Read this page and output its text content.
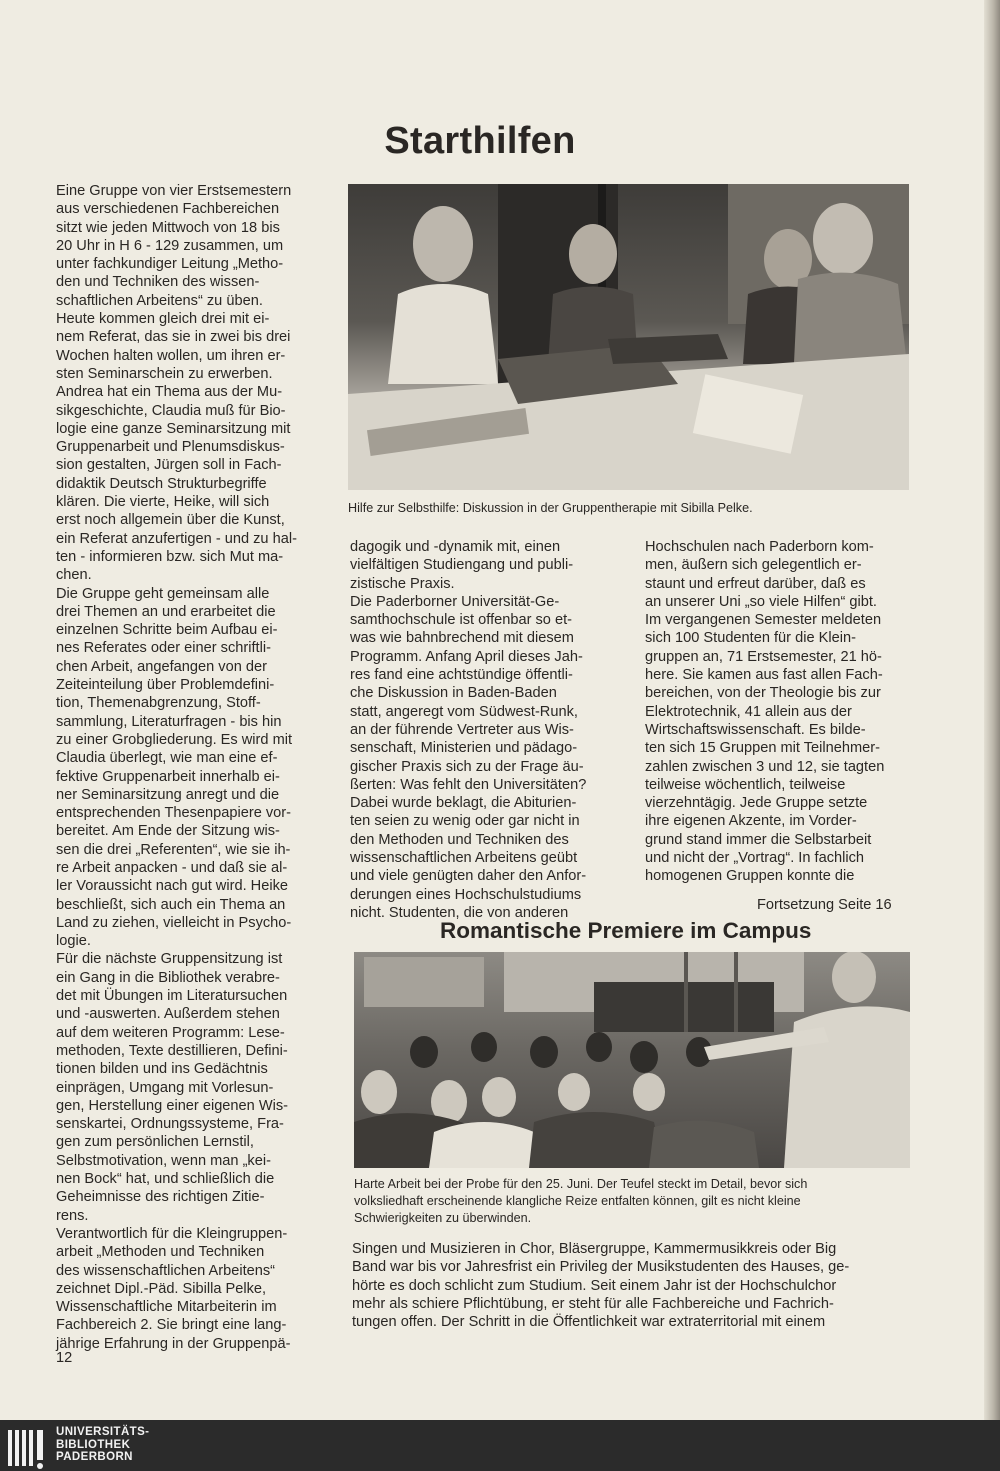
Starthilfen
Eine Gruppe von vier Erstsemestern
aus verschiedenen Fachbereichen
sitzt wie jeden Mittwoch von 18 bis
20 Uhr in H 6 - 129 zusammen, um
unter fachkundiger Leitung „Metho-
den und Techniken des wissen-
schaftlichen Arbeitens“ zu üben.
Heute kommen gleich drei mit ei-
nem Referat, das sie in zwei bis drei
Wochen halten wollen, um ihren er-
sten Seminarschein zu erwerben.
Andrea hat ein Thema aus der Mu-
sikgeschichte, Claudia muß für Bio-
logie eine ganze Seminarsitzung mit
Gruppenarbeit und Plenumsdiskus-
sion gestalten, Jürgen soll in Fach-
didaktik Deutsch Strukturbegriffe
klären. Die vierte, Heike, will sich
erst noch allgemein über die Kunst,
ein Referat anzufertigen - und zu hal-
ten - informieren bzw. sich Mut ma-
chen.
Die Gruppe geht gemeinsam alle
drei Themen an und erarbeitet die
einzelnen Schritte beim Aufbau ei-
nes Referates oder einer schriftli-
chen Arbeit, angefangen von der
Zeiteinteilung über Problemdefini-
tion, Themenabgrenzung, Stoff-
sammlung, Literaturfragen - bis hin
zu einer Grobgliederung. Es wird mit
Claudia überlegt, wie man eine ef-
fektive Gruppenarbeit innerhalb ei-
ner Seminarsitzung anregt und die
entsprechenden Thesenpapiere vor-
bereitet. Am Ende der Sitzung wis-
sen die drei „Referenten“, wie sie ih-
re Arbeit anpacken - und daß sie al-
ler Voraussicht nach gut wird. Heike
beschließt, sich auch ein Thema an
Land zu ziehen, vielleicht in Psycho-
logie.
Für die nächste Gruppensitzung ist
ein Gang in die Bibliothek verabre-
det mit Übungen im Literatursuchen
und -auswerten. Außerdem stehen
auf dem weiteren Programm: Lese-
methoden, Texte destillieren, Defini-
tionen bilden und ins Gedächtnis
einprägen, Umgang mit Vorlesun-
gen, Herstellung einer eigenen Wis-
senskartei, Ordnungssysteme, Fra-
gen zum persönlichen Lernstil,
Selbstmotivation, wenn man „kei-
nen Bock“ hat, und schließlich die
Geheimnisse des richtigen Zitie-
rens.
Verantwortlich für die Kleingruppen-
arbeit „Methoden und Techniken
des wissenschaftlichen Arbeitens“
zeichnet Dipl.-Päd. Sibilla Pelke,
Wissenschaftliche Mitarbeiterin im
Fachbereich 2. Sie bringt eine lang-
jährige Erfahrung in der Gruppenpä-
Hilfe zur Selbsthilfe: Diskussion in der Gruppentherapie mit Sibilla Pelke.
dagogik und -dynamik mit, einen
vielfältigen Studiengang und publi-
zistische Praxis.
Die Paderborner Universität-Ge-
samthochschule ist offenbar so et-
was wie bahnbrechend mit diesem
Programm. Anfang April dieses Jah-
res fand eine achtstündige öffentli-
che Diskussion in Baden-Baden
statt, angeregt vom Südwest-Runk,
an der führende Vertreter aus Wis-
senschaft, Ministerien und pädago-
gischer Praxis sich zu der Frage äu-
ßerten: Was fehlt den Universitäten?
Dabei wurde beklagt, die Abiturien-
ten seien zu wenig oder gar nicht in
den Methoden und Techniken des
wissenschaftlichen Arbeitens geübt
und viele genügten daher den Anfor-
derungen eines Hochschulstudiums
nicht. Studenten, die von anderen
Hochschulen nach Paderborn kom-
men, äußern sich gelegentlich er-
staunt und erfreut darüber, daß es
an unserer Uni „so viele Hilfen“ gibt.
Im vergangenen Semester meldeten
sich 100 Studenten für die Klein-
gruppen an, 71 Erstsemester, 21 hö-
here. Sie kamen aus fast allen Fach-
bereichen, von der Theologie bis zur
Elektrotechnik, 41 allein aus der
Wirtschaftswissenschaft. Es bilde-
ten sich 15 Gruppen mit Teilnehmer-
zahlen zwischen 3 und 12, sie tagten
teilweise wöchentlich, teilweise
vierzehntägig. Jede Gruppe setzte
ihre eigenen Akzente, im Vorder-
grund stand immer die Selbstarbeit
und nicht der „Vortrag“. In fachlich
homogenen Gruppen konnte die
Fortsetzung Seite 16
Romantische Premiere im Campus
Harte Arbeit bei der Probe für den 25. Juni. Der Teufel steckt im Detail, bevor sich
volksliedhaft erscheinende klangliche Reize entfalten können, gilt es nicht kleine
Schwierigkeiten zu überwinden.
Singen und Musizieren in Chor, Bläsergruppe, Kammermusikkreis oder Big
Band war bis vor Jahresfrist ein Privileg der Musikstudenten des Hauses, ge-
hörte es doch schlicht zum Studium. Seit einem Jahr ist der Hochschulchor
mehr als schiere Pflichtübung, er steht für alle Fachbereiche und Fachrich-
tungen offen. Der Schritt in die Öffentlichkeit war extraterritorial mit einem
12
UNIVERSITÄTS-
BIBLIOTHEK
PADERBORN
